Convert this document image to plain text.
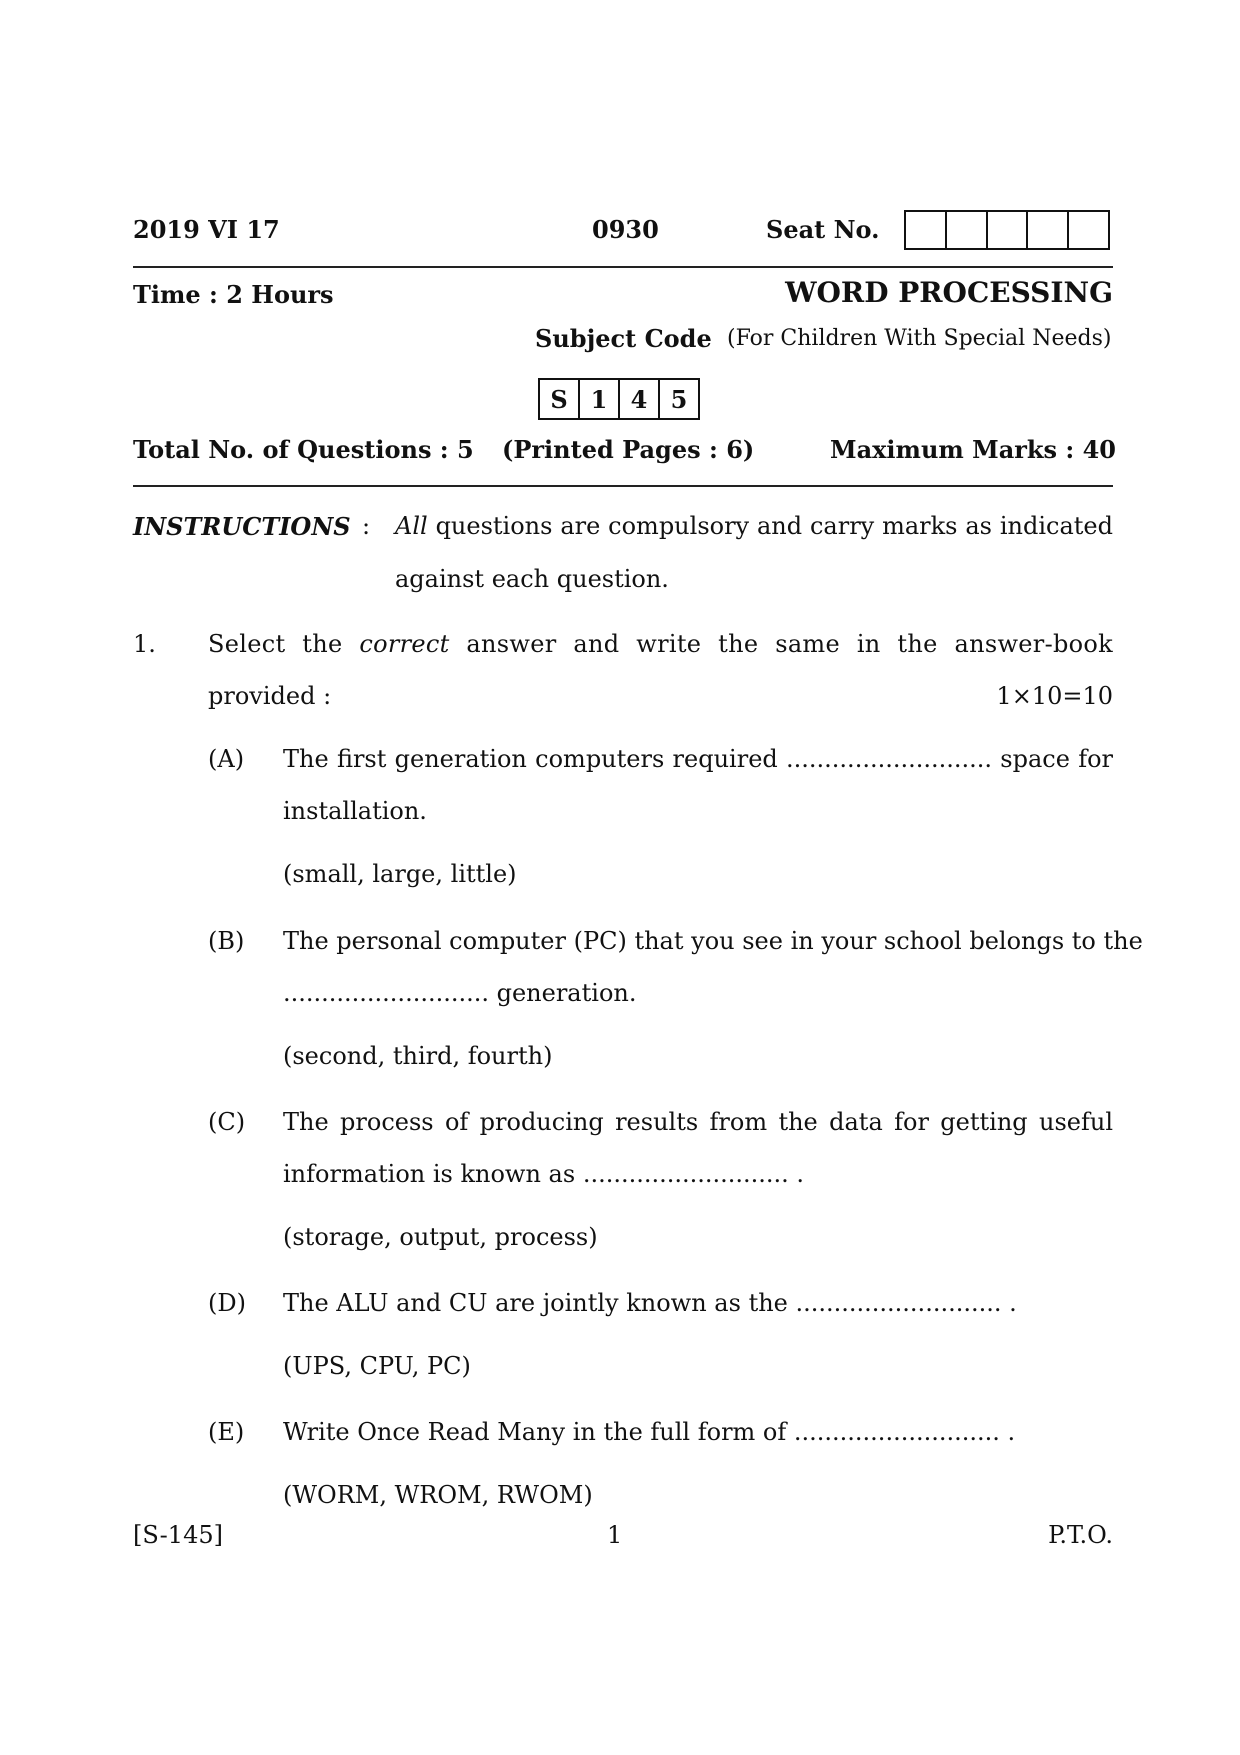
2019 VI 17	0930	Seat No.
Time : 2 Hours	WORD PROCESSING
Subject Code (For Children With Special Needs)
S 1 4 5
Total No. of Questions : 5 (Printed Pages : 6)	Maximum Marks : 40
INSTRUCTIONS : All questions are compulsory and carry marks as indicated
against each question.
1. Select the correct answer and write the same in the answer-book
provided :	1×10=10
(A) The first generation computers required ........................... space for
installation.
(small, large, little)
(B) The personal computer (PC) that you see in your school belongs to the
........................... generation.
(second, third, fourth)
(C) The process of producing results from the data for getting useful
information is known as ........................... .
(storage, output, process)
(D) The ALU and CU are jointly known as the ........................... .
(UPS, CPU, PC)
(E) Write Once Read Many in the full form of ........................... .
(WORM, WROM, RWOM)
[S-145]	1	P.T.O.
